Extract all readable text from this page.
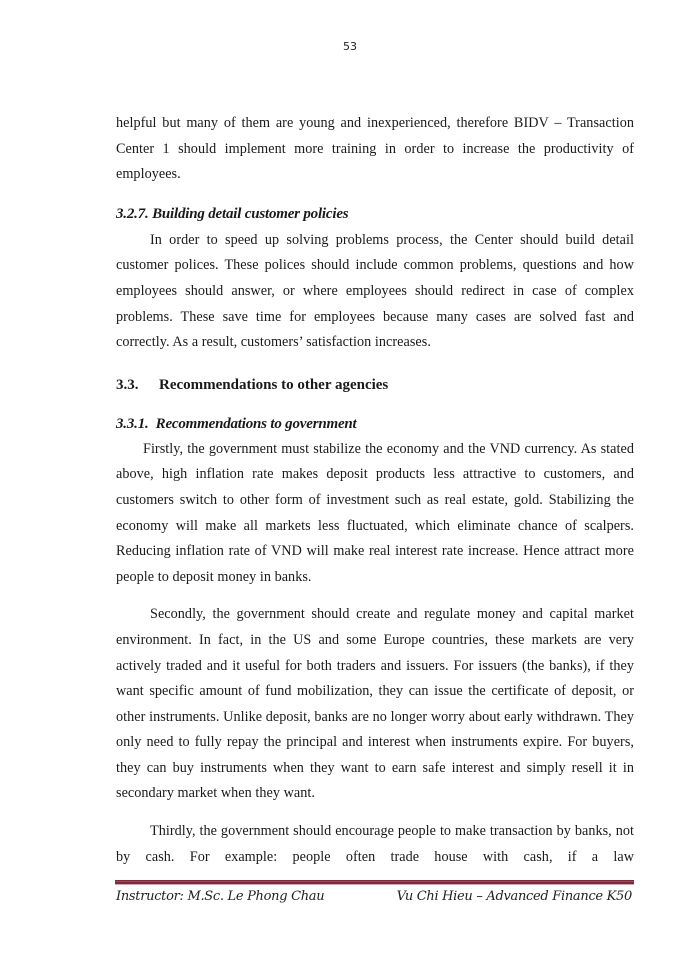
53

helpful but many of them are young and inexperienced, therefore BIDV – Transaction Center 1 should implement more training in order to increase the productivity of employees.

3.2.7. Building detail customer policies

In order to speed up solving problems process, the Center should build detail customer polices. These polices should include common problems, questions and how employees should answer, or where employees should redirect in case of complex problems. These save time for employees because many cases are solved fast and correctly. As a result, customers’ satisfaction increases.

3.3. Recommendations to other agencies
3.3.1.  Recommendations to government

Firstly, the government must stabilize the economy and the VND currency. As stated above, high inflation rate makes deposit products less attractive to customers, and customers switch to other form of investment such as real estate, gold. Stabilizing the economy will make all markets less fluctuated, which eliminate chance of scalpers. Reducing inflation rate of VND will make real interest rate increase. Hence attract more people to deposit money in banks.

Secondly, the government should create and regulate money and capital market environment. In fact, in the US and some Europe countries, these markets are very actively traded and it useful for both traders and issuers. For issuers (the banks), if they want specific amount of fund mobilization, they can issue the certificate of deposit, or other instruments. Unlike deposit, banks are no longer worry about early withdrawn. They only need to fully repay the principal and interest when instruments expire. For buyers, they can buy instruments when they want to earn safe interest and simply resell it in secondary market when they want.

Thirdly, the government should encourage people to make transaction by banks, not by cash. For example: people often trade house with cash, if a law

Instructor: M.Sc. Le Phong Chau	Vu Chi Hieu – Advanced Finance K50
